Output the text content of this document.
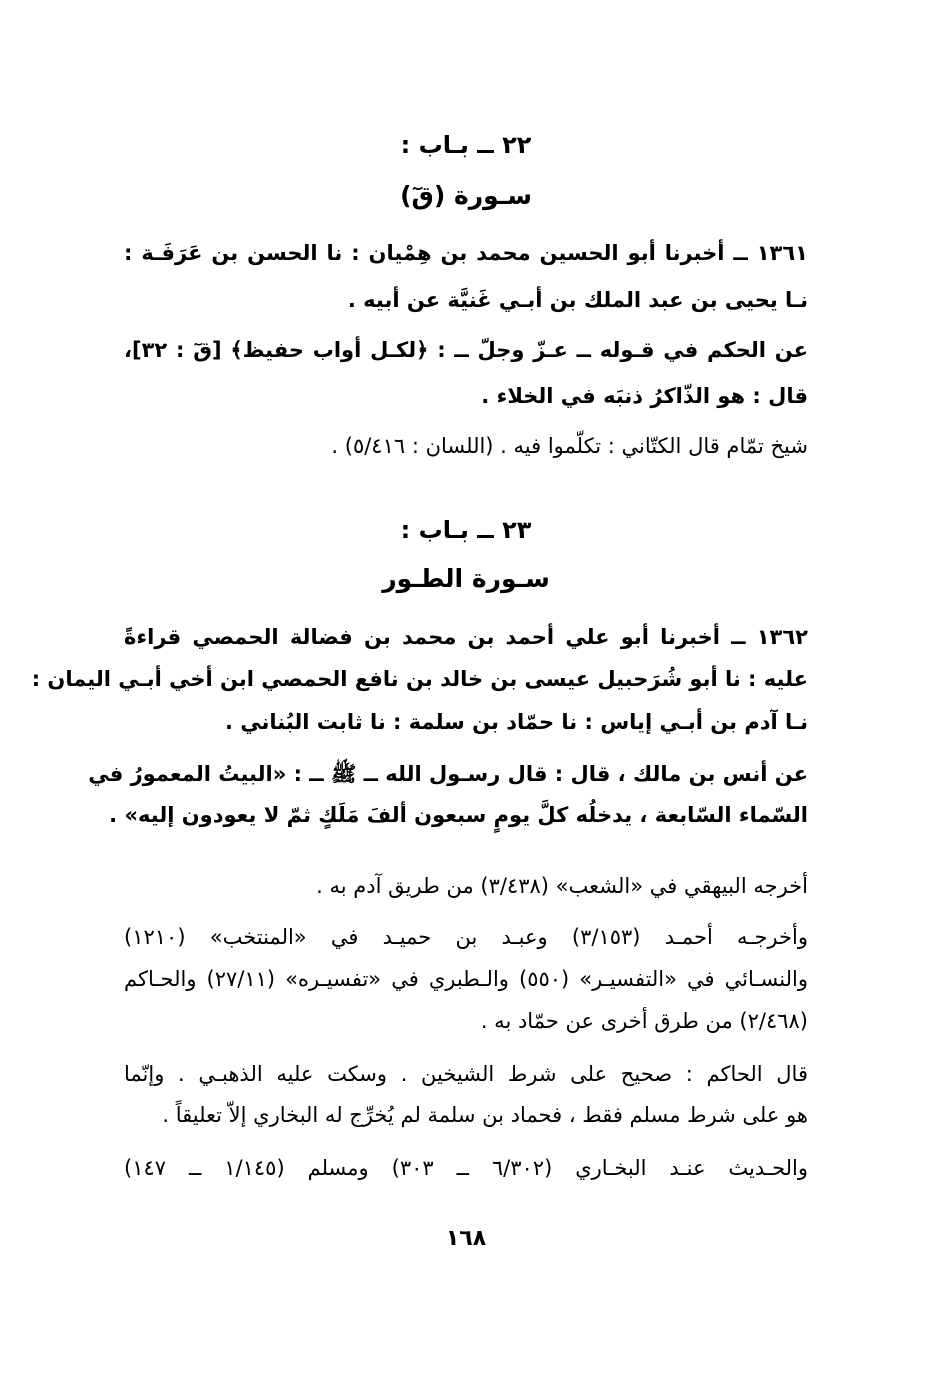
٢٢ ــ بـاب :
سـورة (قٓ)
١٣٦١ ــ أخبرنا أبو الحسين محمد بن هِمْيان : نا الحسن بن عَرَفَـة :
نـا يحيى بن عبد الملك بن أبـي غَنيَّة عن أبيه .
عن الحكم في قـوله ــ عـزّ وجلّ ــ : ﴿لكـل أواب حفيظ﴾ [قٓ : ٣٢]،
قال : هو الذّاكرُ ذنبَه في الخلاء .
شيخ تمّام قال الكتّاني : تكلّموا فيه . (اللسان : ٥/٤١٦) .
٢٣ ــ بـاب :
سـورة الطـور
١٣٦٢ ــ أخبرنا أبو علي أحمد بن محمد بن فضالة الحمصي قراءةً
عليه : نا أبو شُرَحبيل عيسى بن خالد بن نافع الحمصي ابن أخي أبـي اليمان :
نـا آدم بن أبـي إياس : نا حمّاد بن سلمة : نا ثابت البُناني .
عن أنس بن مالك ، قال : قال رسـول الله ــ ﷺ ــ : «البيتُ المعمورُ في
السّماء السّابعة ، يدخلُه كلَّ يومٍ سبعون ألفَ مَلَكٍ ثمّ لا يعودون إليه» .
أخرجه البيهقي في «الشعب» (٣/٤٣٨) من طريق آدم به .
وأخرجـه أحمـد (٣/١٥٣) وعبـد بن حميـد في «المنتخب» (١٢١٠)
والنسـائي في «التفسيـر» (٥٥٠) والـطبري في «تفسيـره» (٢٧/١١) والحـاكم
(٢/٤٦٨) من طرق أخرى عن حمّاد به .
قال الحاكم : صحيح على شرط الشيخين . وسكت عليه الذهبـي . وإنّما
هو على شرط مسلم فقط ، فحماد بن سلمة لم يُخرِّج له البخاري إلاّ تعليقاً .
والحـديث عنـد البخـاري (٦/٣٠٢ ــ ٣٠٣) ومسلم (١/١٤٥ ــ ١٤٧)
١٦٨
